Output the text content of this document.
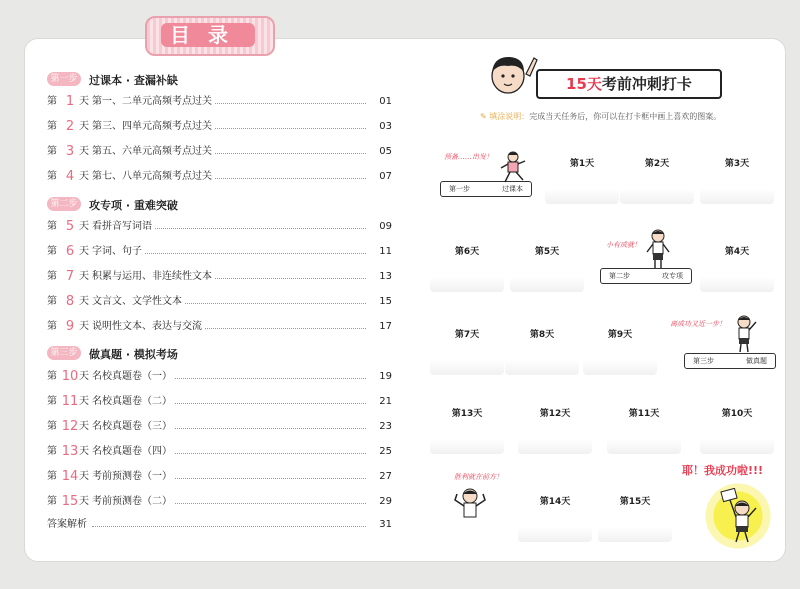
目录
第一步	过课本 · 查漏补缺
第二步	攻专项 · 重难突破
第三步	做真题 · 模拟考场
第 1 天 第一、二单元高频考点过关	01
第 2 天 第三、四单元高频考点过关	03
第 3 天 第五、六单元高频考点过关	05
第 4 天 第七、八单元高频考点过关	07
第 5 天 看拼音写词语	09
第 6 天 字词、句子	11
第 7 天 积累与运用、非连续性文本	13
第 8 天 文言文、文学性文本	15
第 9 天 说明性文本、表达与交流	17
第 10 天 名校真题卷（一）	19
第 11 天 名校真题卷（二）	21
第 12 天 名校真题卷（三）	23
第 13 天 名校真题卷（四）	25
第 14 天 考前预测卷（一）	27
第 15 天 考前预测卷（二）	29
答案解析	31
15天考前冲刺打卡
✎ 填涂说明：完成当天任务后，你可以在打卡框中画上喜欢的图案。
第1天	第2天	第3天
第4天
第5天
第6天
第7天	第8天	第9天
第10天
第11天
第12天
第13天
第14天	第15天
第一步	过课本
第二步	攻专项
第三步	做真题
预备……出发！
小有成就！
离成功又近一步！
胜利就在前方！	耶！我成功啦!!!
